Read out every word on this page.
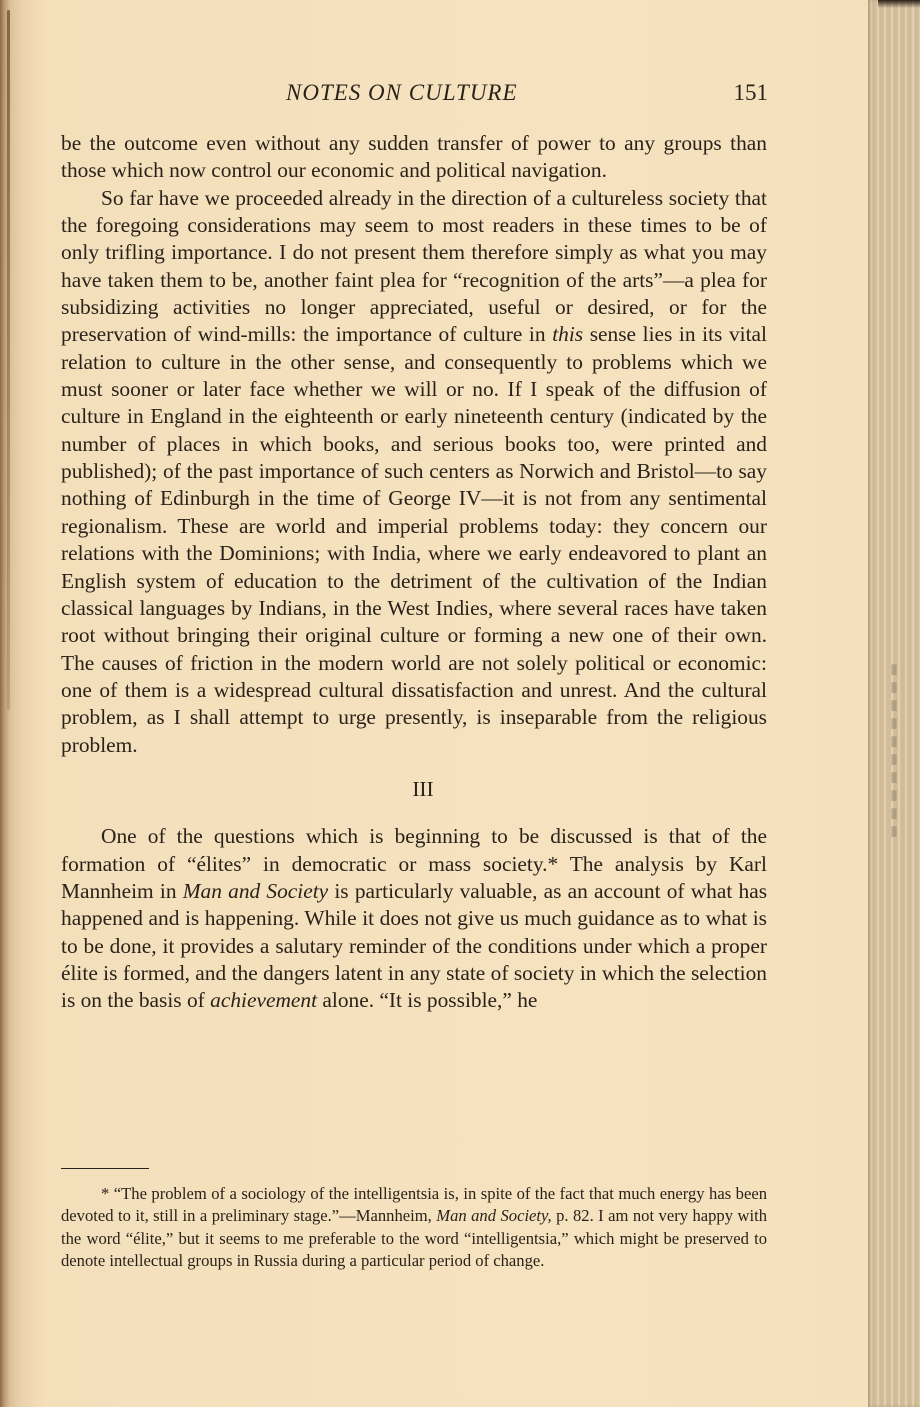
NOTES ON CULTURE	151

be the outcome even without any sudden transfer of power to any groups than those which now control our economic and political navigation.

So far have we proceeded already in the direction of a cultureless society that the foregoing considerations may seem to most readers in these times to be of only trifling importance. I do not present them therefore simply as what you may have taken them to be, another faint plea for “recognition of the arts”—a plea for subsidizing activities no longer appreciated, useful or desired, or for the preservation of wind-mills: the importance of culture in this sense lies in its vital relation to culture in the other sense, and consequently to problems which we must sooner or later face whether we will or no. If I speak of the diffusion of culture in England in the eighteenth or early nineteenth century (indicated by the number of places in which books, and serious books too, were printed and published); of the past importance of such centers as Norwich and Bristol—to say nothing of Edinburgh in the time of George IV—it is not from any sentimental regionalism. These are world and imperial problems today: they concern our relations with the Dominions; with India, where we early endeavored to plant an English system of education to the detriment of the cultivation of the Indian classical languages by Indians, in the West Indies, where several races have taken root without bringing their original culture or forming a new one of their own. The causes of friction in the modern world are not solely political or economic: one of them is a widespread cultural dissatisfaction and unrest. And the cultural problem, as I shall attempt to urge presently, is inseparable from the religious problem.

III

One of the questions which is beginning to be discussed is that of the formation of “élites” in democratic or mass society.* The analysis by Karl Mannheim in Man and Society is particularly valuable, as an account of what has happened and is happening. While it does not give us much guidance as to what is to be done, it provides a salutary reminder of the conditions under which a proper élite is formed, and the dangers latent in any state of society in which the selection is on the basis of achievement alone. “It is possible,” he

* “The problem of a sociology of the intelligentsia is, in spite of the fact that much energy has been devoted to it, still in a preliminary stage.”—Mannheim, Man and Society, p. 82. I am not very happy with the word “élite,” but it seems to me preferable to the word “intelligentsia,” which might be preserved to denote intellectual groups in Russia during a particular period of change.

▮▮▮▮▮▮▮▮▮▮
